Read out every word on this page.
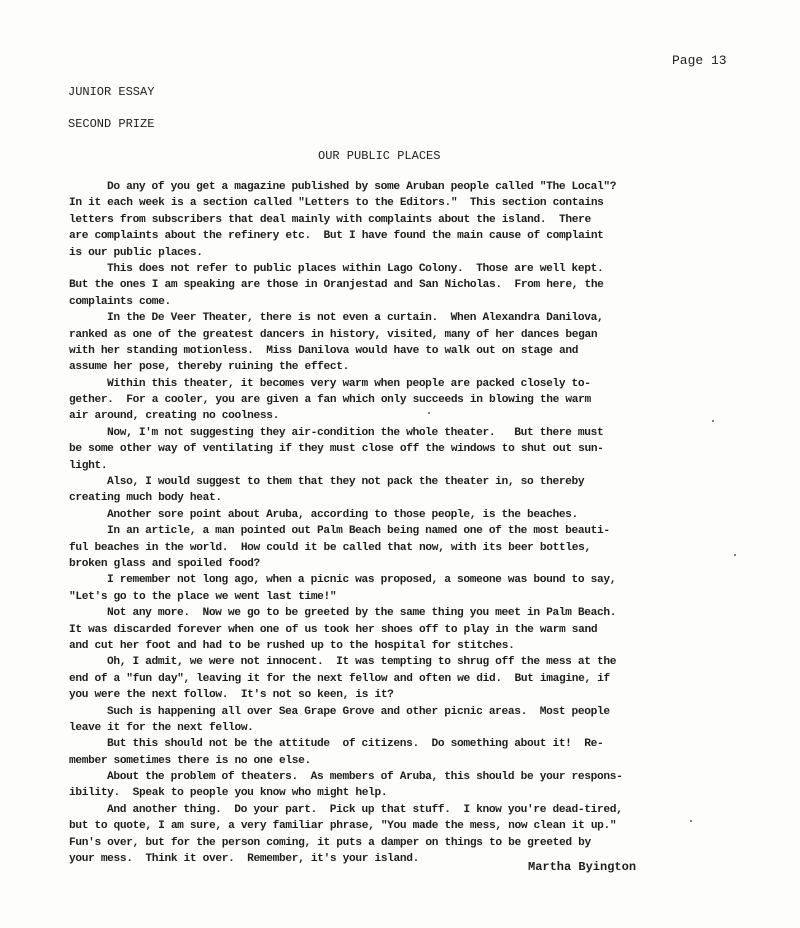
Page 13
JUNIOR ESSAY
SECOND PRIZE
OUR PUBLIC PLACES
Do any of you get a magazine published by some Aruban people called "The Local"?
In it each week is a section called "Letters to the Editors."  This section contains
letters from subscribers that deal mainly with complaints about the island.  There
are complaints about the refinery etc.  But I have found the main cause of complaint
is our public places.
This does not refer to public places within Lago Colony.  Those are well kept.
But the ones I am speaking are those in Oranjestad and San Nicholas.  From here, the
complaints come.
In the De Veer Theater, there is not even a curtain.  When Alexandra Danilova,
ranked as one of the greatest dancers in history, visited, many of her dances began
with her standing motionless.  Miss Danilova would have to walk out on stage and
assume her pose, thereby ruining the effect.
Within this theater, it becomes very warm when people are packed closely to-
gether.  For a cooler, you are given a fan which only succeeds in blowing the warm
air around, creating no coolness.
Now, I'm not suggesting they air-condition the whole theater.   But there must
be some other way of ventilating if they must close off the windows to shut out sun-
light.
Also, I would suggest to them that they not pack the theater in, so thereby
creating much body heat.
Another sore point about Aruba, according to those people, is the beaches.
In an article, a man pointed out Palm Beach being named one of the most beauti-
ful beaches in the world.  How could it be called that now, with its beer bottles,
broken glass and spoiled food?
I remember not long ago, when a picnic was proposed, a someone was bound to say,
"Let's go to the place we went last time!"
Not any more.  Now we go to be greeted by the same thing you meet in Palm Beach.
It was discarded forever when one of us took her shoes off to play in the warm sand
and cut her foot and had to be rushed up to the hospital for stitches.
Oh, I admit, we were not innocent.  It was tempting to shrug off the mess at the
end of a "fun day", leaving it for the next fellow and often we did.  But imagine, if
you were the next follow.  It's not so keen, is it?
Such is happening all over Sea Grape Grove and other picnic areas.  Most people
leave it for the next fellow.
But this should not be the attitude  of citizens.  Do something about it!  Re-
member sometimes there is no one else.
About the problem of theaters.  As members of Aruba, this should be your respons-
ibility.  Speak to people you know who might help.
And another thing.  Do your part.  Pick up that stuff.  I know you're dead-tired,
but to quote, I am sure, a very familiar phrase, "You made the mess, now clean it up."
Fun's over, but for the person coming, it puts a damper on things to be greeted by
your mess.  Think it over.  Remember, it's your island.
Martha Byington
